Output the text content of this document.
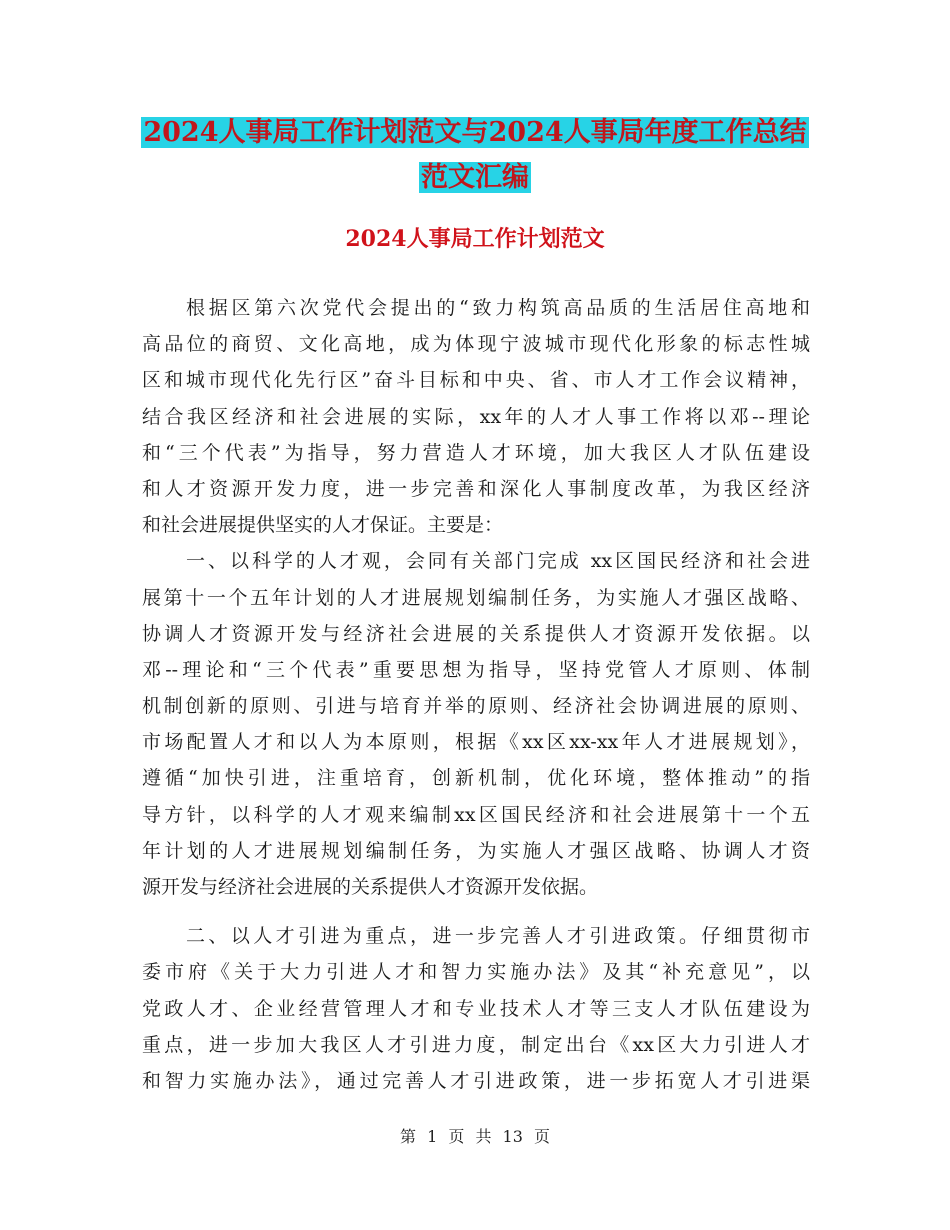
2024人事局工作计划范文与2024人事局年度工作总结
范文汇编
2024人事局工作计划范文
根据区第六次党代会提出的“致力构筑高品质的生活居住高地和
高品位的商贸、文化高地，成为体现宁波城市现代化形象的标志性城
区和城市现代化先行区”奋斗目标和中央、省、市人才工作会议精神，
结合我区经济和社会进展的实际，xx年的人才人事工作将以邓--理论
和“三个代表”为指导，努力营造人才环境，加大我区人才队伍建设
和人才资源开发力度，进一步完善和深化人事制度改革，为我区经济
和社会进展提供坚实的人才保证。主要是：
一、以科学的人才观，会同有关部门完成 xx区国民经济和社会进
展第十一个五年计划的人才进展规划编制任务，为实施人才强区战略、
协调人才资源开发与经济社会进展的关系提供人才资源开发依据。以
邓--理论和“三个代表”重要思想为指导，坚持党管人才原则、体制
机制创新的原则、引进与培育并举的原则、经济社会协调进展的原则、
市场配置人才和以人为本原则，根据《xx区xx-xx年人才进展规划》，
遵循“加快引进，注重培育，创新机制，优化环境，整体推动”的指
导方针，以科学的人才观来编制xx区国民经济和社会进展第十一个五
年计划的人才进展规划编制任务，为实施人才强区战略、协调人才资
源开发与经济社会进展的关系提供人才资源开发依据。
二、以人才引进为重点，进一步完善人才引进政策。仔细贯彻市
委市府《关于大力引进人才和智力实施办法》及其“补充意见”，以
党政人才、企业经营管理人才和专业技术人才等三支人才队伍建设为
重点，进一步加大我区人才引进力度，制定出台《xx区大力引进人才
和智力实施办法》，通过完善人才引进政策，进一步拓宽人才引进渠
第 1 页 共 13 页
